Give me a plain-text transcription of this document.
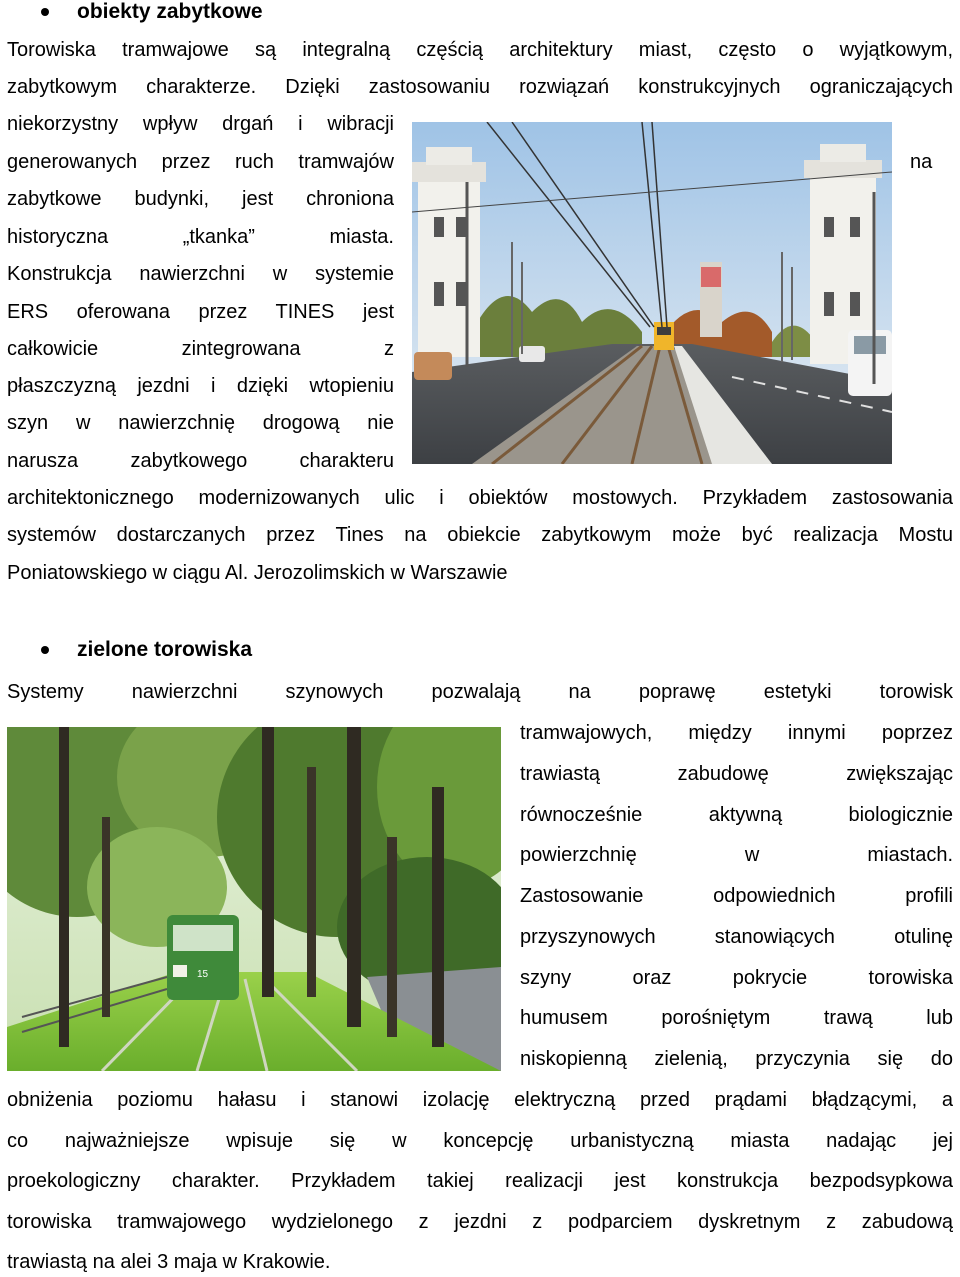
obiekty zabytkowe
Torowiska tramwajowe są integralną częścią architektury miast, często o wyjątkowym,
zabytkowym charakterze. Dzięki zastosowaniu rozwiązań konstrukcyjnych ograniczających
niekorzystny wpływ drgań i wibracji
generowanych przez ruch tramwajów	na
zabytkowe budynki, jest chroniona
historyczna „tkanka” miasta.
Konstrukcja nawierzchni w systemie
ERS oferowana przez TINES jest
całkowicie zintegrowana z
płaszczyzną jezdni i dzięki wtopieniu
szyn w nawierzchnię drogową nie
narusza zabytkowego charakteru
architektonicznego modernizowanych ulic i obiektów mostowych. Przykładem zastosowania
systemów dostarczanych przez Tines na obiekcie zabytkowym może być realizacja Mostu
Poniatowskiego w ciągu Al. Jerozolimskich w Warszawie
zielone torowiska
Systemy nawierzchni szynowych pozwalają na poprawę estetyki torowisk
tramwajowych, między innymi poprzez
trawiastą zabudowę zwiększając
równocześnie aktywną biologicznie
powierzchnię w miastach.
Zastosowanie odpowiednich profili
przyszynowych stanowiących otulinę
szyny oraz pokrycie torowiska
humusem porośniętym trawą lub
niskopienną zielenią, przyczynia się do
obniżenia poziomu hałasu i stanowi izolację elektryczną przed prądami błądzącymi, a
co najważniejsze wpisuje się w koncepcję urbanistyczną miasta nadając jej
proekologiczny charakter. Przykładem takiej realizacji jest konstrukcja bezpodsypkowa
torowiska tramwajowego wydzielonego z jezdni z podparciem dyskretnym z zabudową
trawiastą na alei 3 maja w Krakowie.
15
